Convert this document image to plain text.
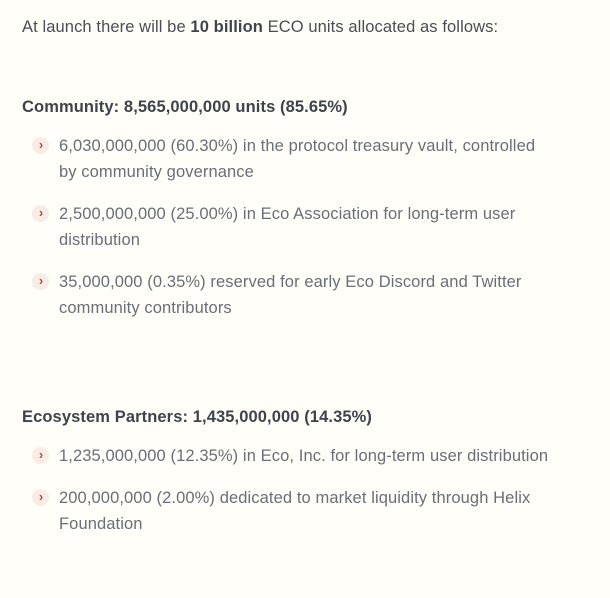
At launch there will be 10 billion ECO units allocated as follows:

Community: 8,565,000,000 units (85.65%)
› 6,030,000,000 (60.30%) in the protocol treasury vault, controlled by community governance
› 2,500,000,000 (25.00%) in Eco Association for long-term user distribution
› 35,000,000 (0.35%) reserved for early Eco Discord and Twitter community contributors
Ecosystem Partners: 1,435,000,000 (14.35%)
› 1,235,000,000 (12.35%) in Eco, Inc. for long-term user distribution
› 200,000,000 (2.00%) dedicated to market liquidity through Helix Foundation
